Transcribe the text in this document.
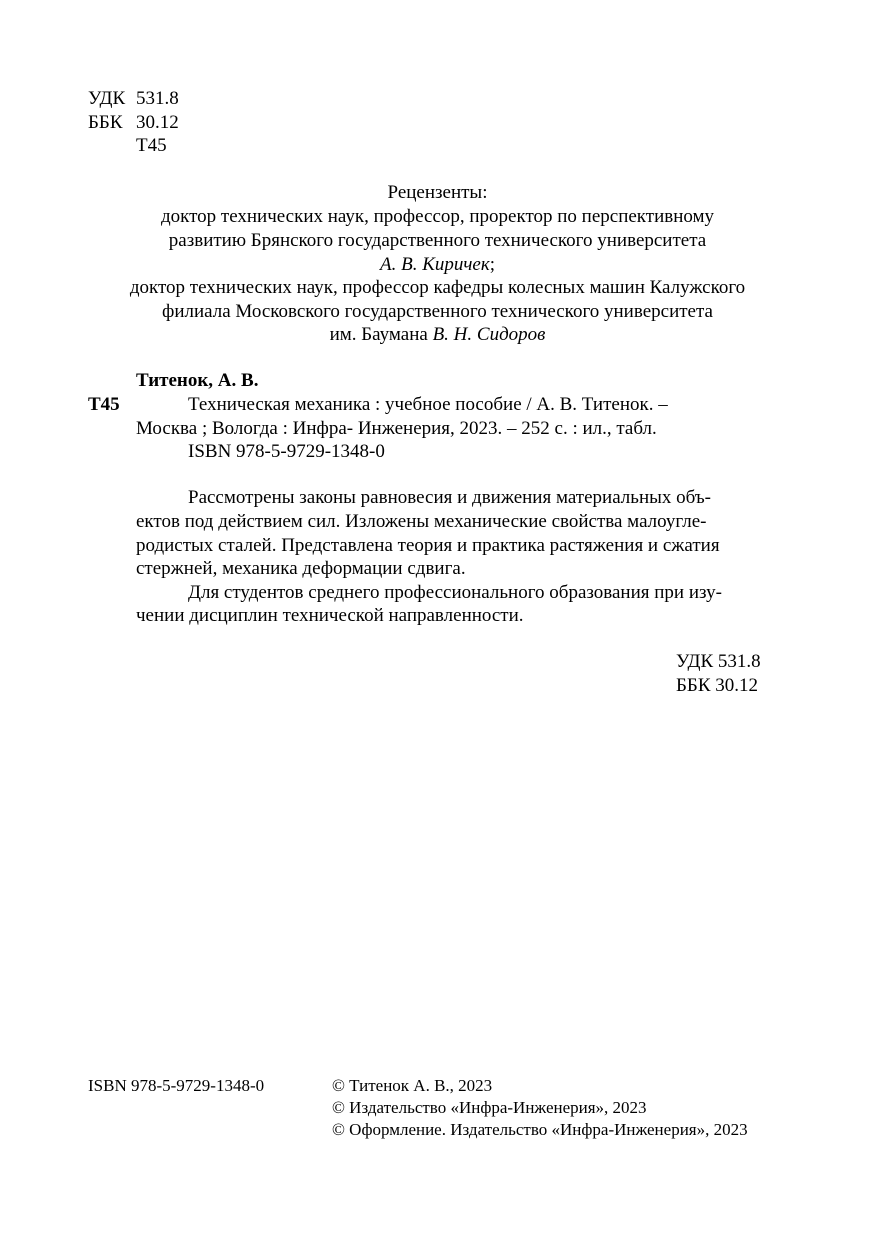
УДК 531.8
ББК 30.12
Т45
Рецензенты:
доктор технических наук, профессор, проректор по перспективному
развитию Брянского государственного технического университета
А. В. Киричек;
доктор технических наук, профессор кафедры колесных машин Калужского
филиала Московского государственного технического университета
им. Баумана В. Н. Сидоров
Титенок, А. В.
Т45	Техническая механика : учебное пособие / А. В. Титенок. –
Москва ; Вологда : Инфра- Инженерия, 2023. – 252 с. : ил., табл.
ISBN 978-5-9729-1348-0
Рассмотрены законы равновесия и движения материальных объ-
ектов под действием сил. Изложены механические свойства малоугле-
родистых сталей. Представлена теория и практика растяжения и сжатия
стержней, механика деформации сдвига.
Для студентов среднего профессионального образования при изу-
чении дисциплин технической направленности.
УДК 531.8
ББК 30.12
ISBN 978-5-9729-1348-0	© Титенок А. В., 2023
© Издательство «Инфра-Инженерия», 2023
© Оформление. Издательство «Инфра-Инженерия», 2023
